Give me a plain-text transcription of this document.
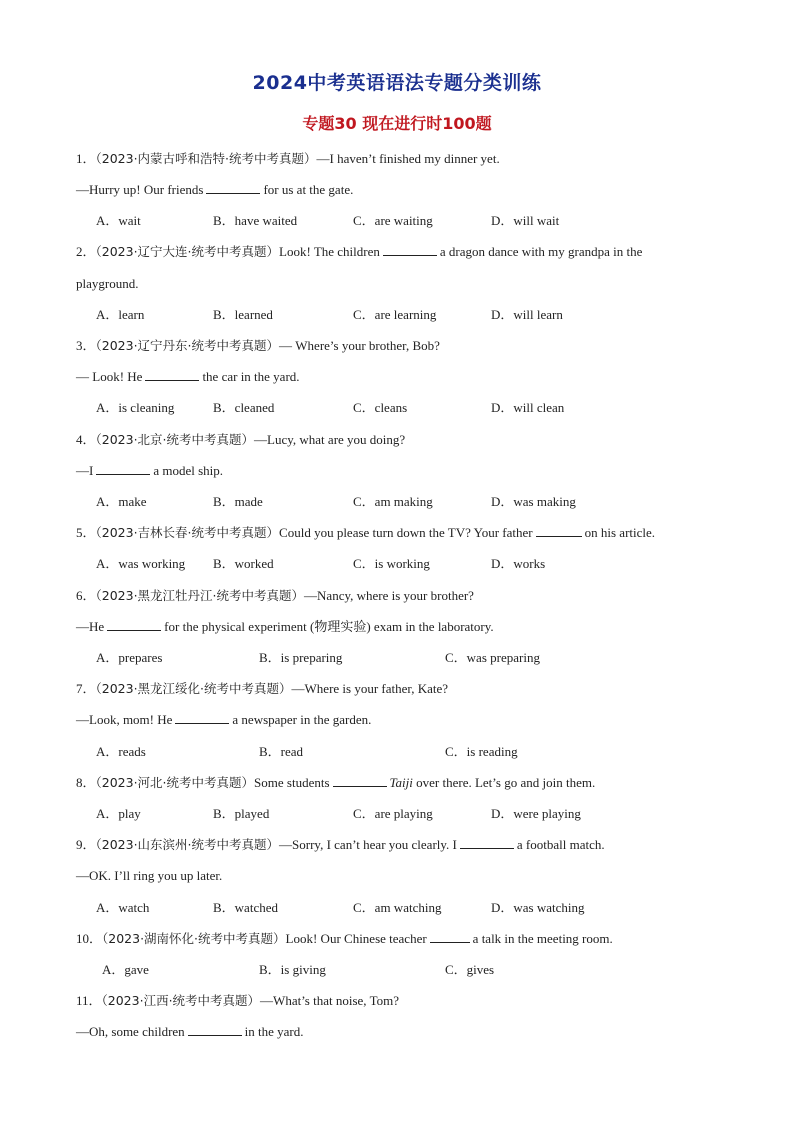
2024中考英语语法专题分类训练
专题30 现在进行时100题
1．（2023·内蒙古呼和浩特·统考中考真题）—I haven’t finished my dinner yet.
—Hurry up! Our friends	for us at the gate.
A．wait	B．have waited	C．are waiting	D．will wait
2．（2023·辽宁大连·统考中考真题）Look! The children	a dragon dance with my grandpa in the
playground.
A．learn	B．learned	C．are learning	D．will learn
3．（2023·辽宁丹东·统考中考真题）— Where’s your brother, Bob?
— Look! He	the car in the yard.
A．is cleaning	B．cleaned	C．cleans	D．will clean
4．（2023·北京·统考中考真题）—Lucy, what are you doing?
—I	a model ship.
A．make	B．made	C．am making	D．was making
5．（2023·吉林长春·统考中考真题）Could you please turn down the TV? Your father	on his article.
A．was working B．worked	C．is working	D．works
6．（2023·黑龙江牡丹江·统考中考真题）—Nancy, where is your brother?
—He	for the physical experiment (物理实验) exam in the laboratory.
A．prepares	B．is preparing	C．was preparing
7．（2023·黑龙江绥化·统考中考真题）—Where is your father, Kate?
—Look, mom! He	a newspaper in the garden.
A．reads	B．read	C．is reading
8．（2023·河北·统考中考真题）Some students	Taiji over there. Let’s go and join them.
A．play	B．played	C．are playing	D．were playing
9．（2023·山东滨州·统考中考真题）—Sorry, I can’t hear you clearly. I	a football match.
—OK. I’ll ring you up later.
A．watch	B．watched	C．am watching	D．was watching
10．（2023·湖南怀化·统考中考真题）Look! Our Chinese teacher	a talk in the meeting room.
A．gave	B．is giving	C．gives
11．（2023·江西·统考中考真题）—What’s that noise, Tom?
—Oh, some children	in the yard.
